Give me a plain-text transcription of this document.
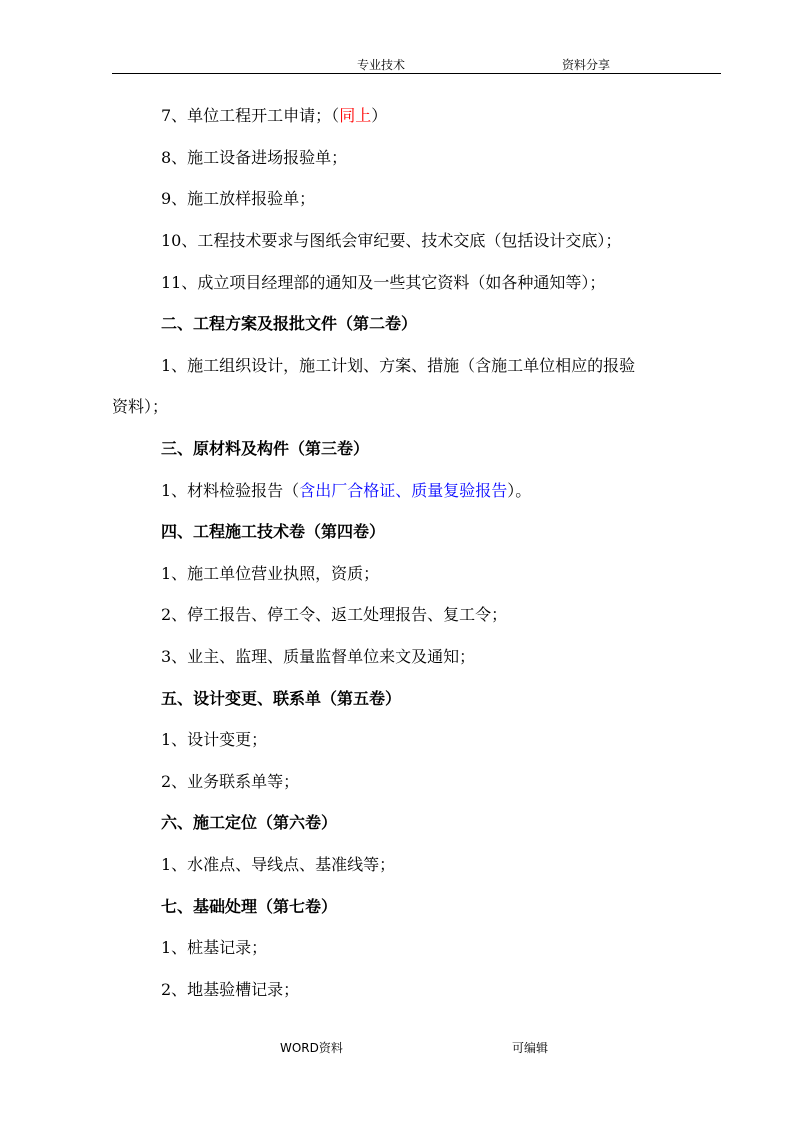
专业技术	资料分享
7、单位工程开工申请；（同上）
8、施工设备进场报验单；
9、施工放样报验单；
10、工程技术要求与图纸会审纪要、技术交底（包括设计交底）；
11、成立项目经理部的通知及一些其它资料（如各种通知等）；
二、工程方案及报批文件（第二卷）
1、施工组织设计，施工计划、方案、措施（含施工单位相应的报验
资料）；
三、原材料及构件（第三卷）
1、材料检验报告（含出厂合格证、质量复验报告）。
四、工程施工技术卷（第四卷）
1、施工单位营业执照，资质；
2、停工报告、停工令、返工处理报告、复工令；
3、业主、监理、质量监督单位来文及通知；
五、设计变更、联系单（第五卷）
1、设计变更；
2、业务联系单等；
六、施工定位（第六卷）
1、水准点、导线点、基准线等；
七、基础处理（第七卷）
1、桩基记录；
2、地基验槽记录；
WORD资料	可编辑
